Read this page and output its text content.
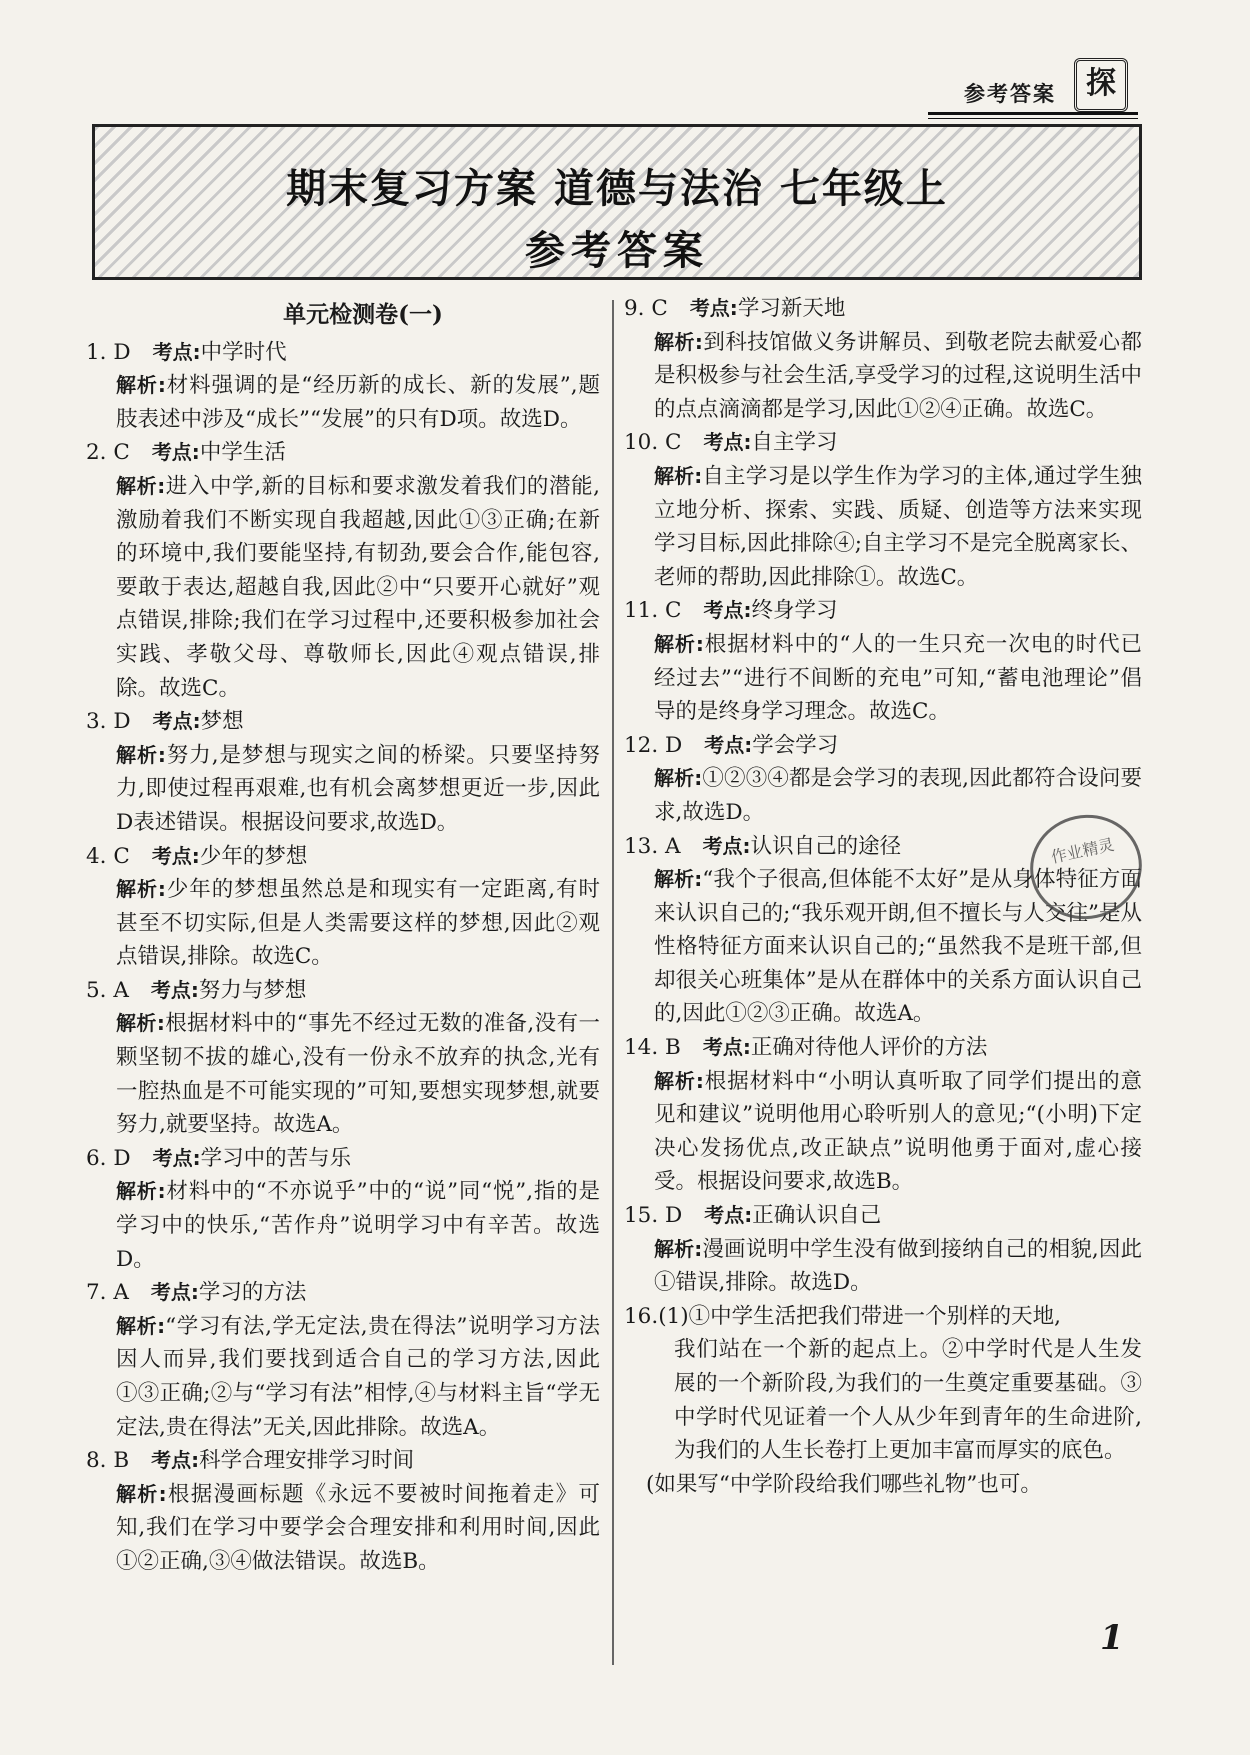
参考答案	探
期末复习方案 道德与法治 七年级上
参考答案
单元检测卷(一)
1. D 考点:中学时代
解析:材料强调的是“经历新的成长、新的发展”,题肢表述中涉及“成长”“发展”的只有D项。故选D。
2. C 考点:中学生活
解析:进入中学,新的目标和要求激发着我们的潜能,激励着我们不断实现自我超越,因此①③正确;在新的环境中,我们要能坚持,有韧劲,要会合作,能包容,要敢于表达,超越自我,因此②中“只要开心就好”观点错误,排除;我们在学习过程中,还要积极参加社会实践、孝敬父母、尊敬师长,因此④观点错误,排除。故选C。
3. D 考点:梦想
解析:努力,是梦想与现实之间的桥梁。只要坚持努力,即使过程再艰难,也有机会离梦想更近一步,因此D表述错误。根据设问要求,故选D。
4. C 考点:少年的梦想
解析:少年的梦想虽然总是和现实有一定距离,有时甚至不切实际,但是人类需要这样的梦想,因此②观点错误,排除。故选C。
5. A 考点:努力与梦想
解析:根据材料中的“事先不经过无数的准备,没有一颗坚韧不拔的雄心,没有一份永不放弃的执念,光有一腔热血是不可能实现的”可知,要想实现梦想,就要努力,就要坚持。故选A。
6. D 考点:学习中的苦与乐
解析:材料中的“不亦说乎”中的“说”同“悦”,指的是学习中的快乐,“苦作舟”说明学习中有辛苦。故选D。
7. A 考点:学习的方法
解析:“学习有法,学无定法,贵在得法”说明学习方法因人而异,我们要找到适合自己的学习方法,因此①③正确;②与“学习有法”相悖,④与材料主旨“学无定法,贵在得法”无关,因此排除。故选A。
8. B 考点:科学合理安排学习时间
解析:根据漫画标题《永远不要被时间拖着走》可知,我们在学习中要学会合理安排和利用时间,因此①②正确,③④做法错误。故选B。
9. C 考点:学习新天地
解析:到科技馆做义务讲解员、到敬老院去献爱心都是积极参与社会生活,享受学习的过程,这说明生活中的点点滴滴都是学习,因此①②④正确。故选C。
10. C 考点:自主学习
解析:自主学习是以学生作为学习的主体,通过学生独立地分析、探索、实践、质疑、创造等方法来实现学习目标,因此排除④;自主学习不是完全脱离家长、老师的帮助,因此排除①。故选C。
11. C 考点:终身学习
解析:根据材料中的“人的一生只充一次电的时代已经过去”“进行不间断的充电”可知,“蓄电池理论”倡导的是终身学习理念。故选C。
12. D 考点:学会学习
解析:①②③④都是会学习的表现,因此都符合设问要求,故选D。
13. A 考点:认识自己的途径
解析:“我个子很高,但体能不太好”是从身体特征方面来认识自己的;“我乐观开朗,但不擅长与人交往”是从性格特征方面来认识自己的;“虽然我不是班干部,但却很关心班集体”是从在群体中的关系方面认识自己的,因此①②③正确。故选A。
14. B 考点:正确对待他人评价的方法
解析:根据材料中“小明认真听取了同学们提出的意见和建议”说明他用心聆听别人的意见;“(小明)下定决心发扬优点,改正缺点”说明他勇于面对,虚心接受。根据设问要求,故选B。
15. D 考点:正确认识自己
解析:漫画说明中学生没有做到接纳自己的相貌,因此①错误,排除。故选D。
16.(1)①中学生活把我们带进一个别样的天地,
我们站在一个新的起点上。②中学时代是人生发展的一个新阶段,为我们的一生奠定重要基础。③中学时代见证着一个人从少年到青年的生命进阶,为我们的人生长卷打上更加丰富而厚实的底色。
(如果写“中学阶段给我们哪些礼物”也可。
作业精灵
1
